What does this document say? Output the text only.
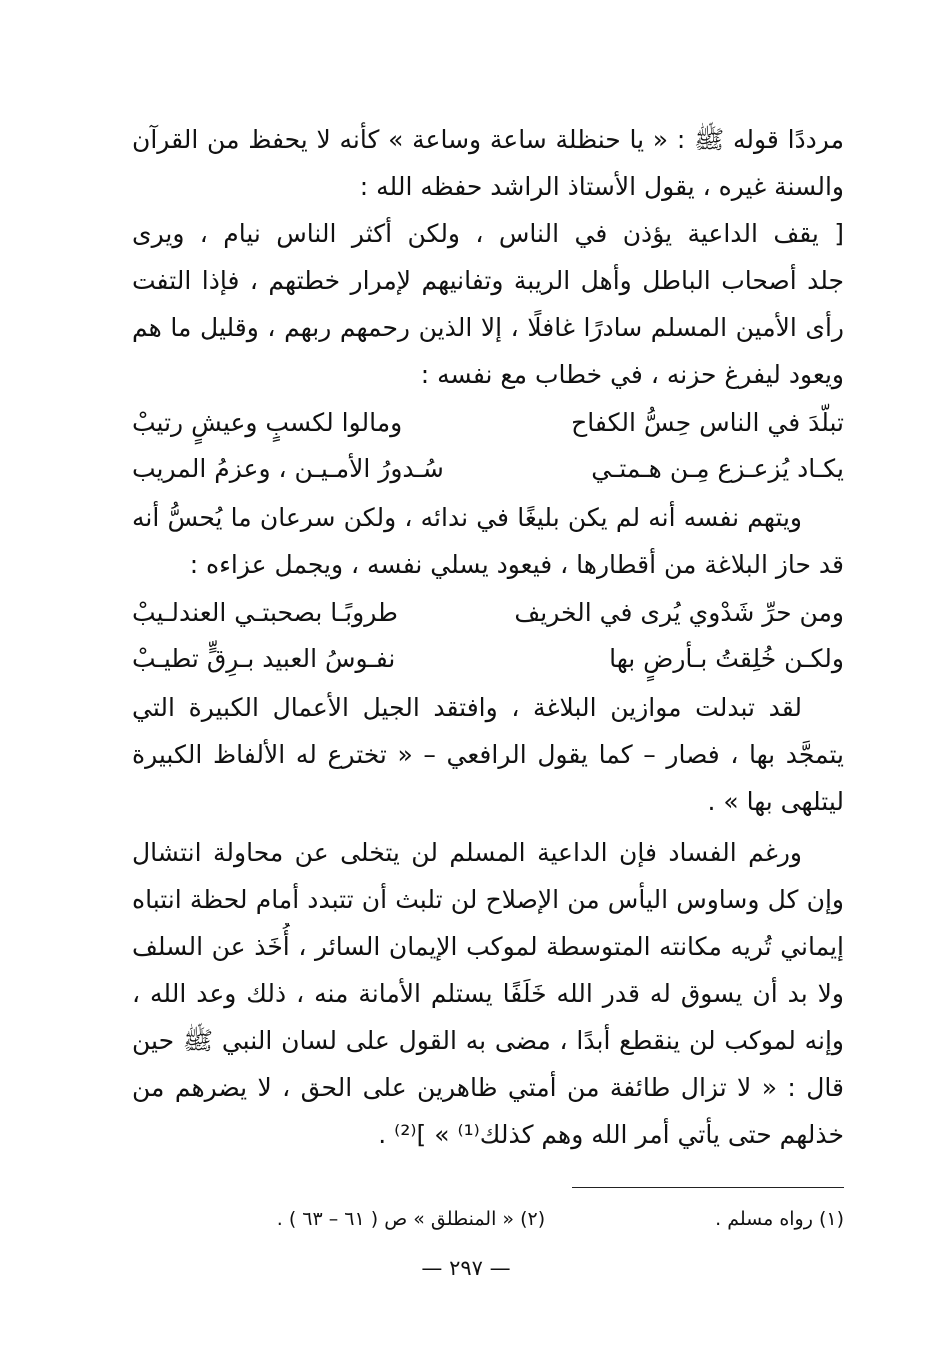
مرددًا قوله ﷺ : « يا حنظلة ساعة وساعة » كأنه لا يحفظ من القرآن
والسنة غيره ، يقول الأستاذ الراشد حفظه الله :
[ يقف الداعية يؤذن في الناس ، ولكن أكثر الناس نيام ، ويرى
جلد أصحاب الباطل وأهل الريبة وتفانيهم لإمرار خطتهم ، فإذا التفت
رأى الأمين المسلم سادرًا غافلًا ، إلا الذين رحمهم ربهم ، وقليل ما هم
ويعود ليفرغ حزنه ، في خطاب مع نفسه :
تبلّدَ في الناس حِسُّ الكفاح
ومالوا لكسبٍ وعيشٍ رتيبْ
يكـاد يُزعـزع مِـن هـمتـي
سُـدورُ الأمـيـن ، وعزمُ المريب
ويتهم نفسه أنه لم يكن بليغًا في ندائه ، ولكن سرعان ما يُحسُّ أنه
قد حاز البلاغة من أقطارها ، فيعود يسلي نفسه ، ويجمل عزاءه :
ومن حرِّ شَدْوي يُرى في الخريف
طروبًـا بصحبتـي العندلـيبْ
ولكـن خُلِقتُ بـأرضٍ بها
نفـوسُ العبيد بـرِقٍّ تطيـبْ
لقد تبدلت موازين البلاغة ، وافتقد الجيل الأعمال الكبيرة التي
يتمجَّد بها ، فصار – كما يقول الرافعي – « تخترع له الألفاظ الكبيرة
ليتلهى بها » .
ورغم الفساد فإن الداعية المسلم لن يتخلى عن محاولة انتشال
وإن كل وساوس اليأس من الإصلاح لن تلبث أن تتبدد أمام لحظة انتباه
إيماني تُريه مكانته المتوسطة لموكب الإيمان السائر ، أُخَذ عن السلف
ولا بد أن يسوق له قدر الله خَلَفًا يستلم الأمانة منه ، ذلك وعد الله ،
وإنه لموكب لن ينقطع أبدًا ، مضى به القول على لسان النبي ﷺ حين
قال : « لا تزال طائفة من أمتي ظاهرين على الحق ، لا يضرهم من
خذلهم حتى يأتي أمر الله وهم كذلك⁽¹⁾ » ]⁽²⁾ .
(١) رواه مسلم .
(٢) « المنطلق » ص ( ٦١ – ٦٣ ) .
— ٢٩٧ —
